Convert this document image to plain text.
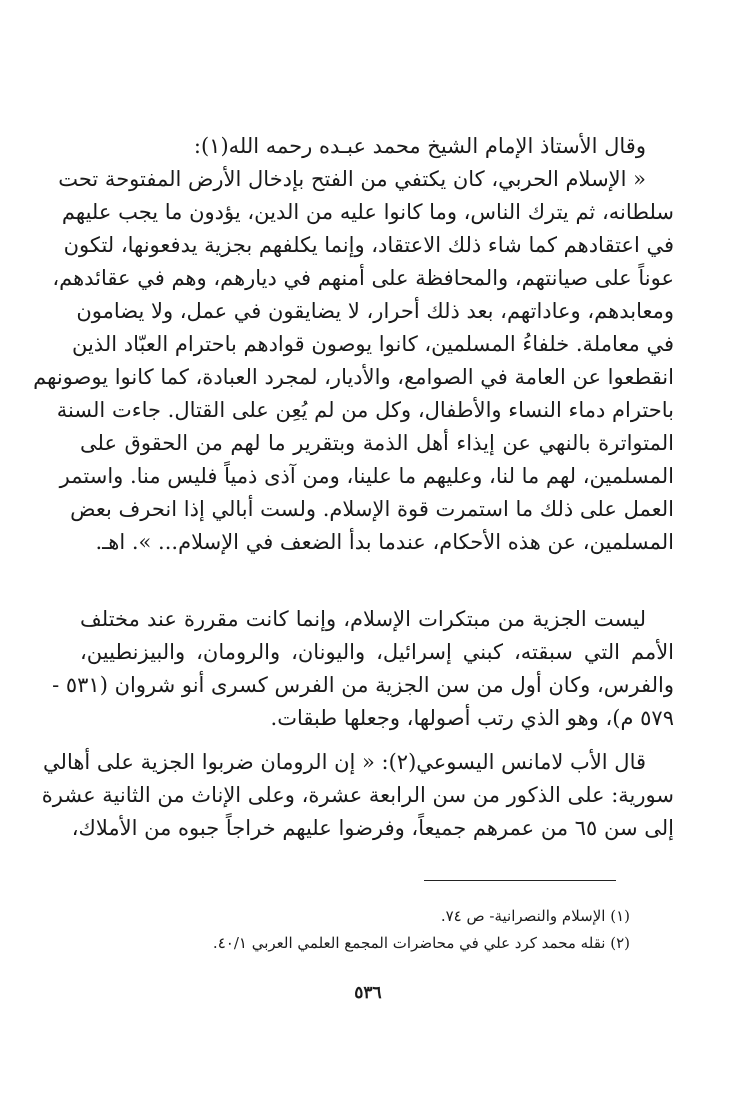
وقال الأستاذ الإمام الشيخ محمد عبـده رحمه الله(١):

« الإسلام الحربي، كان يكتفي من الفتح بإدخال الأرض المفتوحة تحت
سلطانه، ثم يترك الناس، وما كانوا عليه من الدين، يؤدون ما يجب عليهم
في اعتقادهم كما شاء ذلك الاعتقاد، وإنما يكلفهم بجزية يدفعونها، لتكون
عوناً على صيانتهم، والمحافظة على أمنهم في ديارهم، وهم في عقائدهم،
ومعابدهم، وعاداتهم، بعد ذلك أحرار، لا يضايقون في عمل، ولا يضامون
في معاملة. خلفاءُ المسلمين، كانوا يوصون قوادهم باحترام العبّاد الذين
انقطعوا عن العامة في الصوامع، والأديار، لمجرد العبادة، كما كانوا يوصونهم
باحترام دماء النساء والأطفال، وكل من لم يُعِن على القتال. جاءت السنة
المتواترة بالنهي عن إيذاء أهل الذمة وبتقرير ما لهم من الحقوق على
المسلمين، لهم ما لنا، وعليهم ما علينا، ومن آذى ذمياً فليس منا. واستمر
العمل على ذلك ما استمرت قوة الإسلام. ولست أبالي إذا انحرف بعض
المسلمين، عن هذه الأحكام، عندما بدأ الضعف في الإسلام... ». اهـ.
ليست الجزية من مبتكرات الإسلام، وإنما كانت مقررة عند مختلف
الأمم التي سبقته، كبني إسرائيل، واليونان، والرومان، والبيزنطيين،
والفرس، وكان أول من سن الجزية من الفرس كسرى أنو شروان (٥٣١ -
٥٧٩ م)، وهو الذي رتب أصولها، وجعلها طبقات.
قال الأب لامانس اليسوعي(٢): « إن الرومان ضربوا الجزية على أهالي
سورية: على الذكور من سن الرابعة عشرة، وعلى الإناث من الثانية عشرة
إلى سن ٦٥ من عمرهم جميعاً، وفرضوا عليهم خراجاً جبوه من الأملاك،
(١) الإسلام والنصرانية- ص ٧٤.
(٢) نقله محمد كرد علي في محاضرات المجمع العلمي العربي ٤٠/١.
٥٣٦
